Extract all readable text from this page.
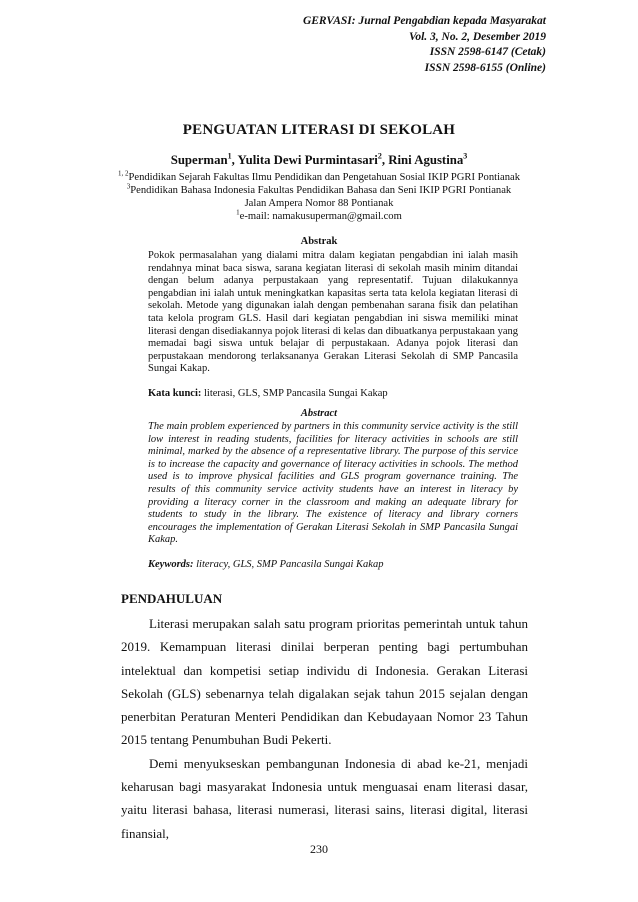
GERVASI: Jurnal Pengabdian kepada Masyarakat
Vol. 3, No. 2, Desember 2019
ISSN 2598-6147 (Cetak)
ISSN 2598-6155 (Online)
PENGUATAN LITERASI DI SEKOLAH
Superman$^1$, Yulita Dewi Purmintasari$^2$, Rini Agustina$^3$
$^{1, 2}$Pendidikan Sejarah Fakultas Ilmu Pendidikan dan Pengetahuan Sosial IKIP PGRI Pontianak
$^3$Pendidikan Bahasa Indonesia Fakultas Pendidikan Bahasa dan Seni IKIP PGRI Pontianak
Jalan Ampera Nomor 88 Pontianak
$^1$e-mail: namakusuperman@gmail.com
Abstrak
Pokok permasalahan yang dialami mitra dalam kegiatan pengabdian ini ialah masih rendahnya minat baca siswa, sarana kegiatan literasi di sekolah masih minim ditandai dengan belum adanya perpustakaan yang representatif. Tujuan dilakukannya pengabdian ini ialah untuk meningkatkan kapasitas serta tata kelola kegiatan literasi di sekolah. Metode yang digunakan ialah dengan pembenahan sarana fisik dan pelatihan tata kelola program GLS. Hasil dari kegiatan pengabdian ini siswa memiliki minat literasi dengan disediakannya pojok literasi di kelas dan dibuatkanya perpustakaan yang memadai bagi siswa untuk belajar di perpustakaan. Adanya pojok literasi dan perpustakaan mendorong terlaksananya Gerakan Literasi Sekolah di SMP Pancasila Sungai Kakap.
Kata kunci: literasi, GLS, SMP Pancasila Sungai Kakap
Abstract
The main problem experienced by partners in this community service activity is the still low interest in reading students, facilities for literacy activities in schools are still minimal, marked by the absence of a representative library. The purpose of this service is to increase the capacity and governance of literacy activities in schools. The method used is to improve physical facilities and GLS program governance training. The results of this community service activity students have an interest in literacy by providing a literacy corner in the classroom and making an adequate library for students to study in the library. The existence of literacy and library corners encourages the implementation of Gerakan Literasi Sekolah in SMP Pancasila Sungai Kakap.
Keywords: literacy, GLS, SMP Pancasila Sungai Kakap
PENDAHULUAN

Literasi merupakan salah satu program prioritas pemerintah untuk tahun 2019. Kemampuan literasi dinilai berperan penting bagi pertumbuhan intelektual dan kompetisi setiap individu di Indonesia. Gerakan Literasi Sekolah (GLS) sebenarnya telah digalakan sejak tahun 2015 sejalan dengan penerbitan Peraturan Menteri Pendidikan dan Kebudayaan Nomor 23 Tahun 2015 tentang Penumbuhan Budi Pekerti.

Demi menyukseskan pembangunan Indonesia di abad ke-21, menjadi keharusan bagi masyarakat Indonesia untuk menguasai enam literasi dasar, yaitu literasi bahasa, literasi numerasi, literasi sains, literasi digital, literasi finansial,

230
